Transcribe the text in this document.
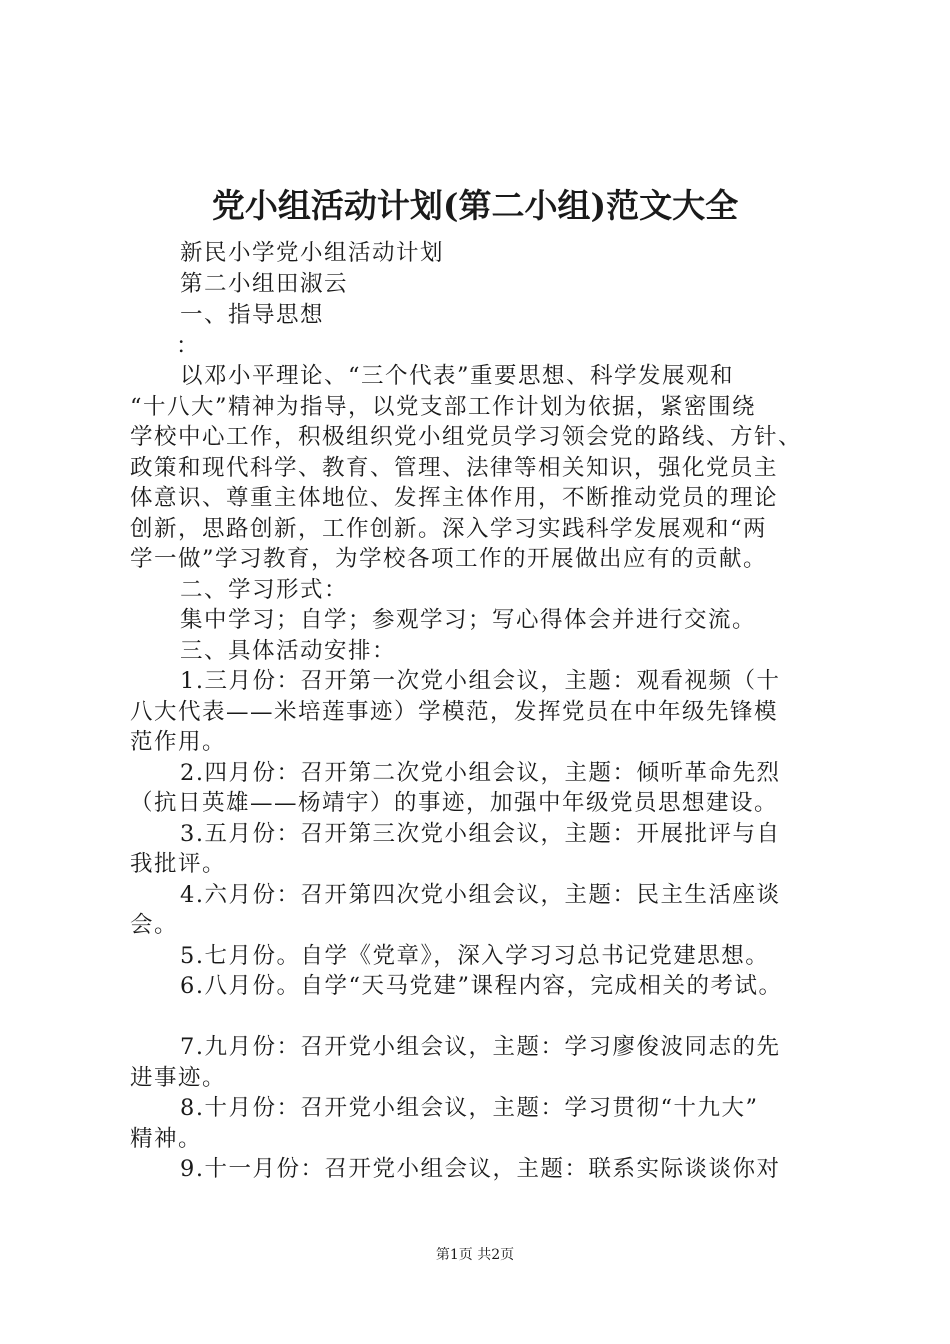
党小组活动计划(第二小组)范文大全
新民小学党小组活动计划
第二小组田淑云
一、指导思想
：
以邓小平理论、“三个代表”重要思想、科学发展观和
“十八大”精神为指导，以党支部工作计划为依据，紧密围绕
学校中心工作，积极组织党小组党员学习领会党的路线、方针、
政策和现代科学、教育、管理、法律等相关知识，强化党员主
体意识、尊重主体地位、发挥主体作用，不断推动党员的理论
创新，思路创新，工作创新。深入学习实践科学发展观和“两
学一做”学习教育，为学校各项工作的开展做出应有的贡献。
二、学习形式：
集中学习；自学；参观学习；写心得体会并进行交流。
三、具体活动安排：
1.三月份：召开第一次党小组会议，主题：观看视频（十
八大代表——米培莲事迹）学模范，发挥党员在中年级先锋模
范作用。
2.四月份：召开第二次党小组会议，主题：倾听革命先烈
（抗日英雄——杨靖宇）的事迹，加强中年级党员思想建设。
3.五月份：召开第三次党小组会议，主题：开展批评与自
我批评。
4.六月份：召开第四次党小组会议，主题：民主生活座谈
会。
5.七月份。自学《党章》，深入学习习总书记党建思想。
6.八月份。自学“天马党建”课程内容，完成相关的考试。
7.九月份：召开党小组会议，主题：学习廖俊波同志的先
进事迹。
8.十月份：召开党小组会议，主题：学习贯彻“十九大”
精神。
9.十一月份：召开党小组会议，主题：联系实际谈谈你对
第1页 共2页
